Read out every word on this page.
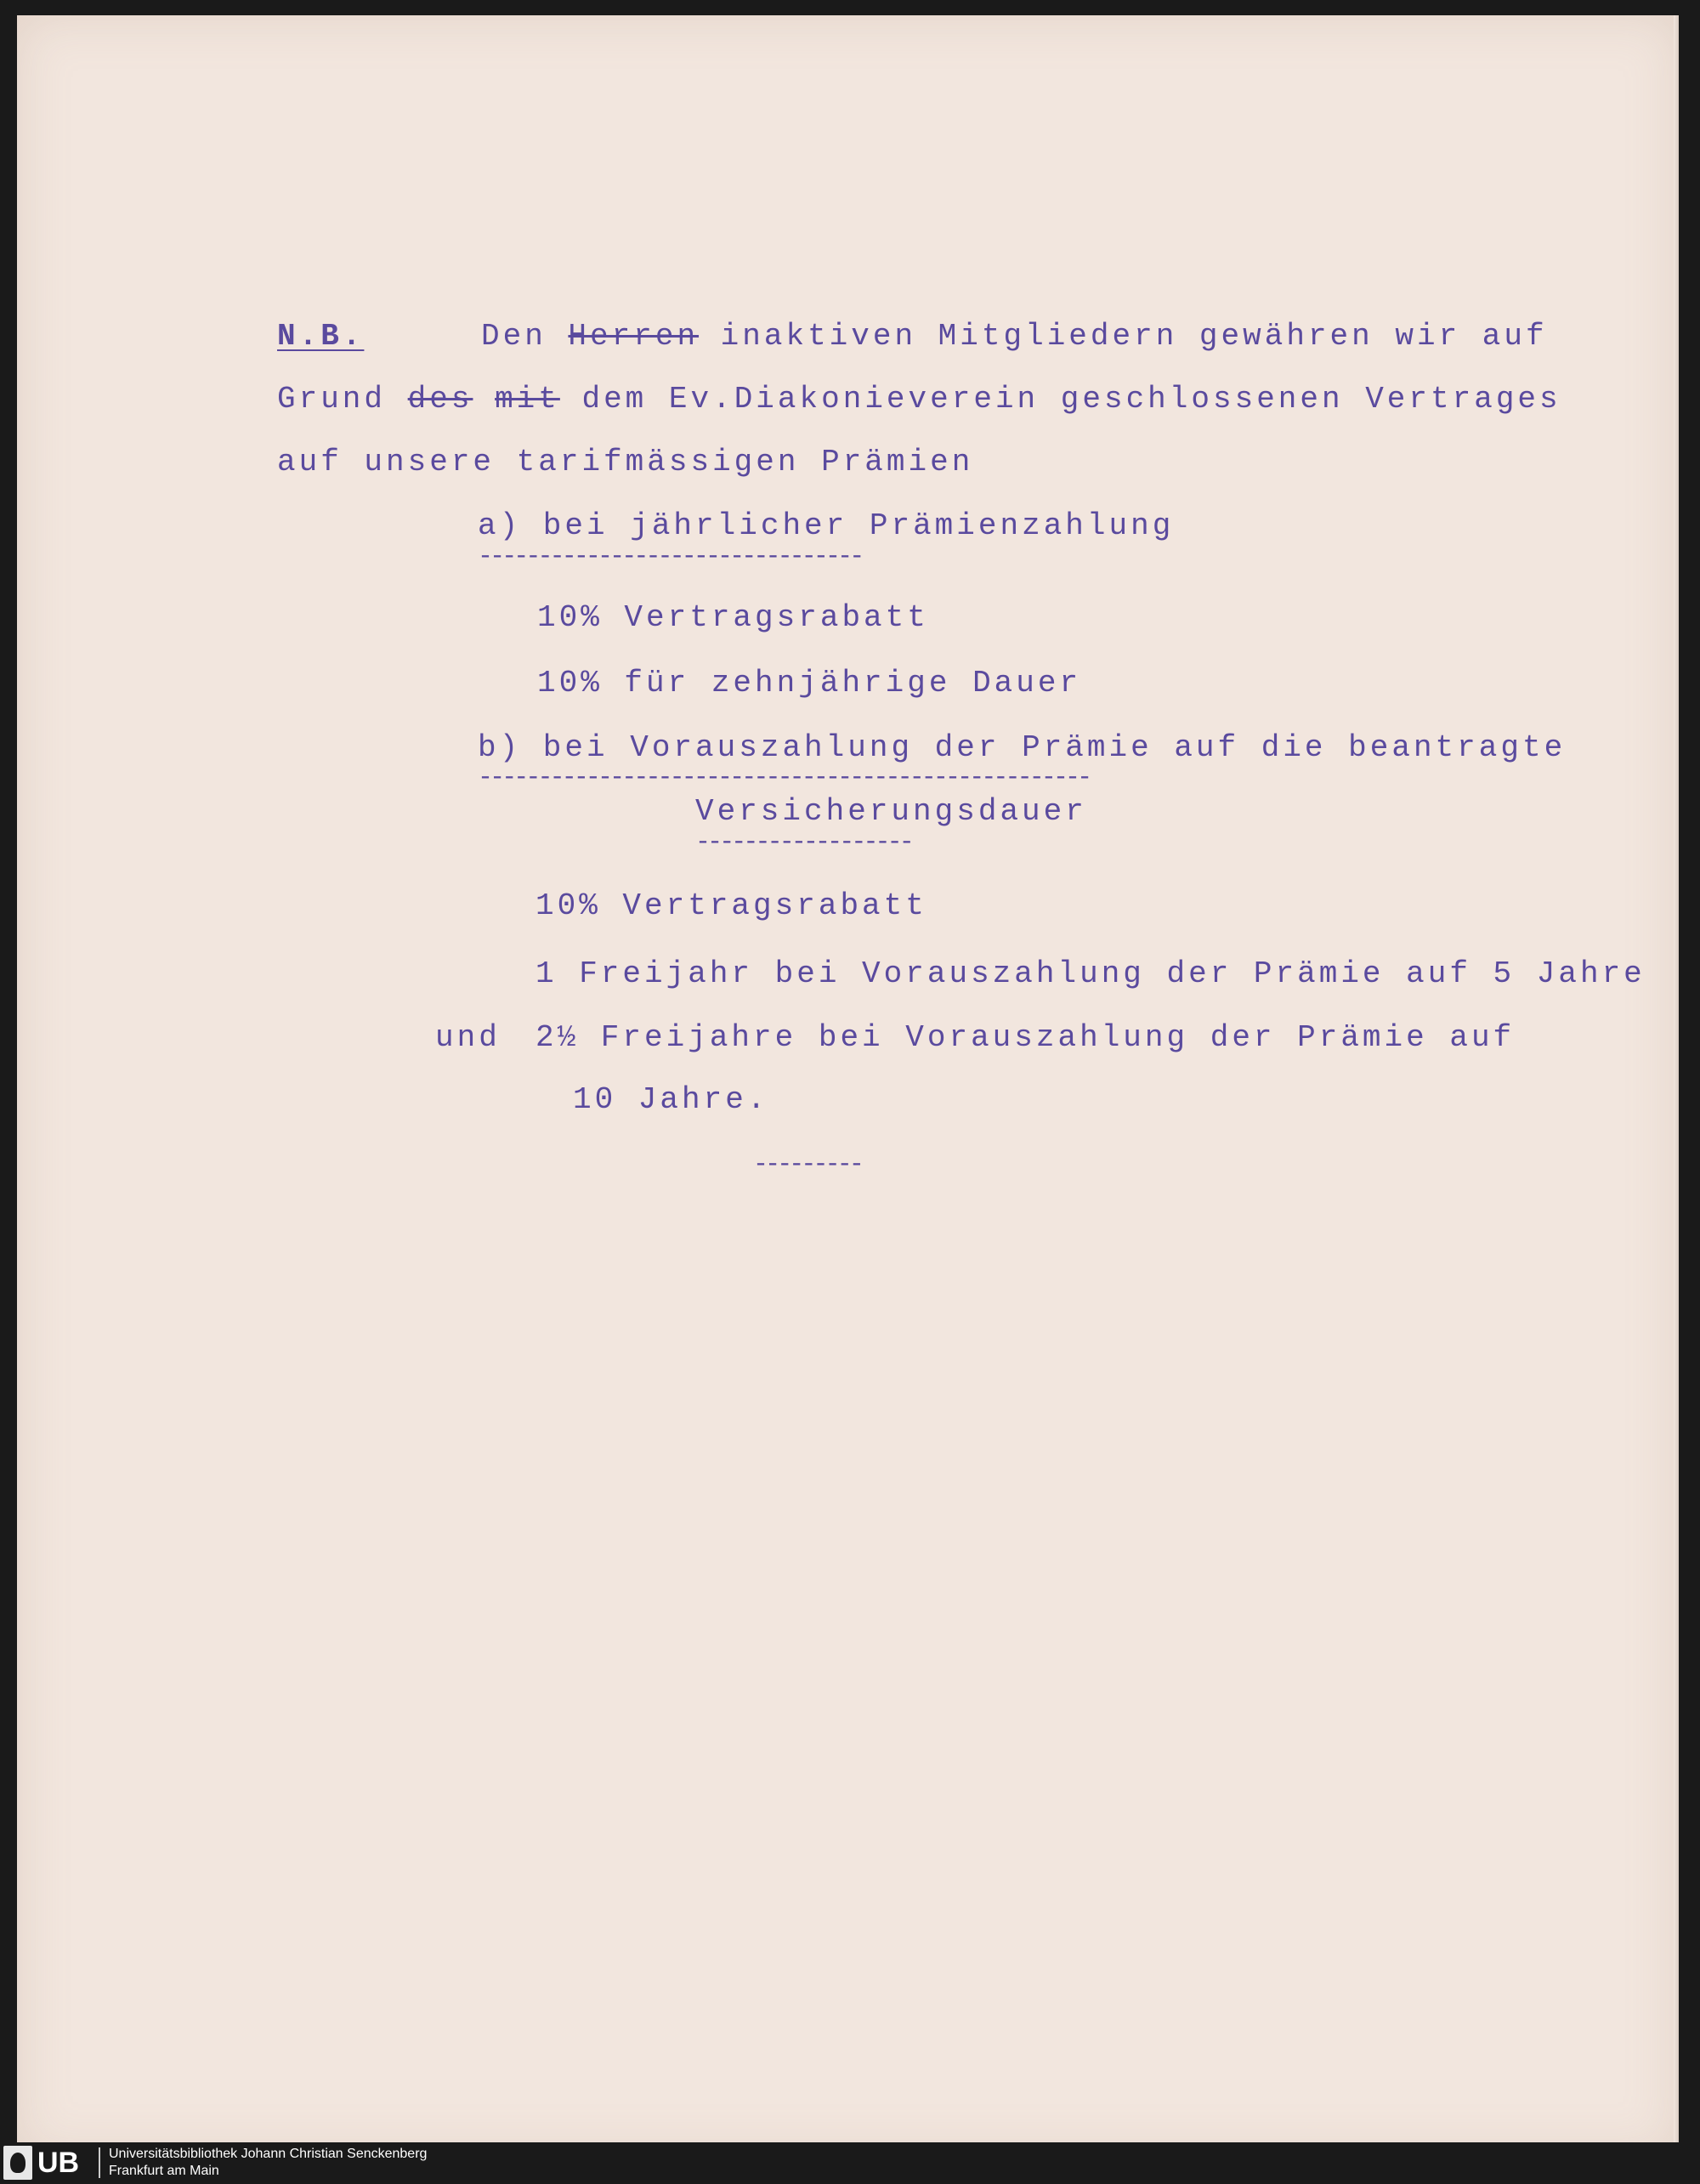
N.B.	Den Herren inaktiven Mitgliedern gewähren wir auf
Grund des mit dem Ev.Diakonieverein geschlossenen Vertrages
auf unsere tarifmässigen Prämien
a) bei jährlicher Prämienzahlung
--------------------------------
10% Vertragsrabatt
10% für zehnjährige Dauer
b) bei Vorauszahlung der Prämie auf die beantragte
---------------------------------------------------
Versicherungsdauer
------------------
10% Vertragsrabatt
1 Freijahr bei Vorauszahlung der Prämie auf 5 Jahre
und 2½ Freijahre bei Vorauszahlung der Prämie auf
10 Jahre.
---------
UB Universitätsbibliothek Johann Christian Senckenberg
Frankfurt am Main
